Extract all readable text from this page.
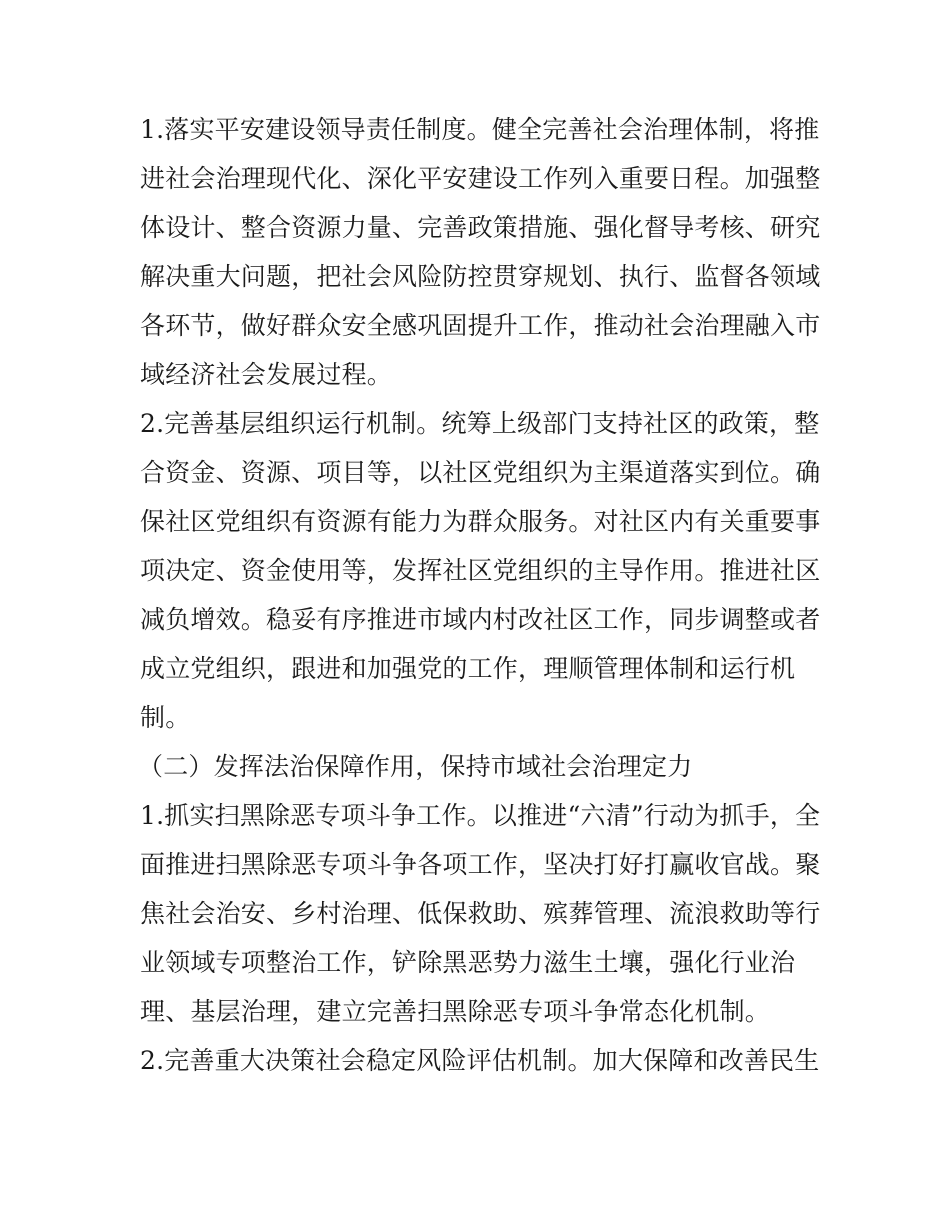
1.落实平安建设领导责任制度。健全完善社会治理体制，将推
进社会治理现代化、深化平安建设工作列入重要日程。加强整
体设计、整合资源力量、完善政策措施、强化督导考核、研究
解决重大问题，把社会风险防控贯穿规划、执行、监督各领域
各环节，做好群众安全感巩固提升工作，推动社会治理融入市
域经济社会发展过程。
2.完善基层组织运行机制。统筹上级部门支持社区的政策，整
合资金、资源、项目等，以社区党组织为主渠道落实到位。确
保社区党组织有资源有能力为群众服务。对社区内有关重要事
项决定、资金使用等，发挥社区党组织的主导作用。推进社区
减负增效。稳妥有序推进市域内村改社区工作，同步调整或者
成立党组织，跟进和加强党的工作，理顺管理体制和运行机
制。
（二）发挥法治保障作用，保持市域社会治理定力
1.抓实扫黑除恶专项斗争工作。以推进“六清”行动为抓手，全
面推进扫黑除恶专项斗争各项工作，坚决打好打赢收官战。聚
焦社会治安、乡村治理、低保救助、殡葬管理、流浪救助等行
业领域专项整治工作，铲除黑恶势力滋生土壤，强化行业治
理、基层治理，建立完善扫黑除恶专项斗争常态化机制。
2.完善重大决策社会稳定风险评估机制。加大保障和改善民生
